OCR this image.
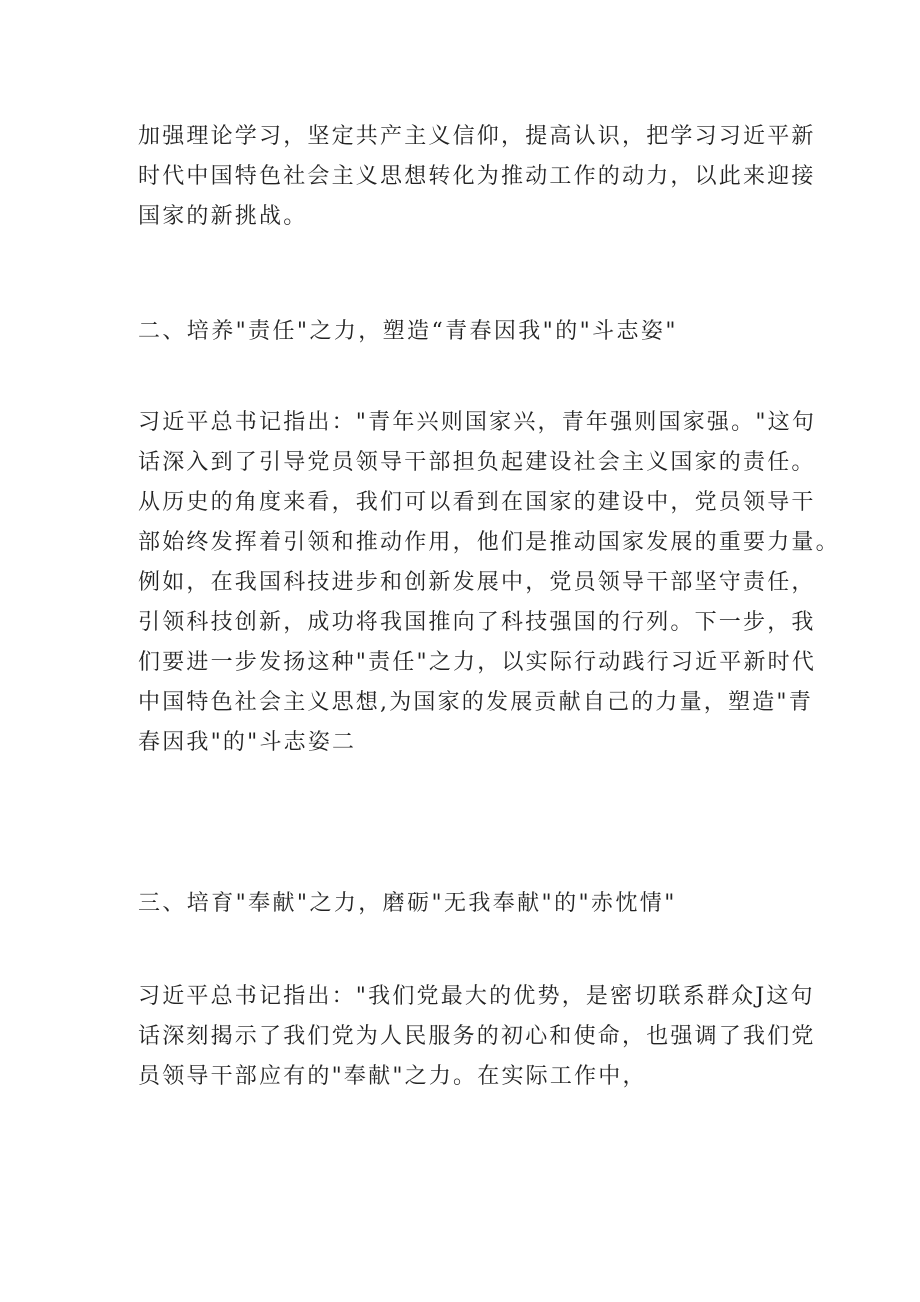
加强理论学习，坚定共产主义信仰，提高认识，把学习习近平新
时代中国特色社会主义思想转化为推动工作的动力，以此来迎接
国家的新挑战。
二、培养"责任"之力，塑造“青春因我"的"斗志姿"
习近平总书记指出："青年兴则国家兴，青年强则国家强。"这句
话深入到了引导党员领导干部担负起建设社会主义国家的责任。
从历史的角度来看，我们可以看到在国家的建设中，党员领导干
部始终发挥着引领和推动作用，他们是推动国家发展的重要力量。
例如，在我国科技进步和创新发展中，党员领导干部坚守责任，
引领科技创新，成功将我国推向了科技强国的行列。下一步，我
们要进一步发扬这种"责任"之力，以实际行动践行习近平新时代
中国特色社会主义思想,为国家的发展贡献自己的力量，塑造"青
春因我"的"斗志姿二
三、培育"奉献"之力，磨砺"无我奉献"的"赤忱情"
习近平总书记指出："我们党最大的优势，是密切联系群众J这句
话深刻揭示了我们党为人民服务的初心和使命，也强调了我们党
员领导干部应有的"奉献"之力。在实际工作中，
